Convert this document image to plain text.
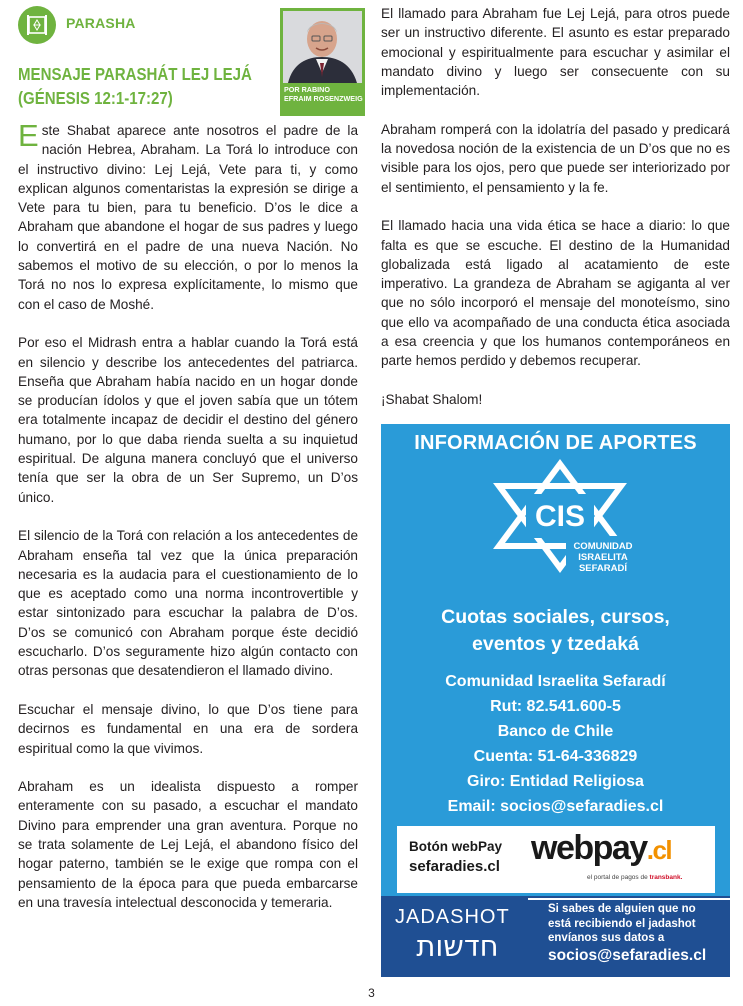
PARASHA
MENSAJE PARASHÁT LEJ LEJÁ
(GÉNESIS 12:1-17:27)	POR RABINO
EFRAIM ROSENZWEIG

Este Shabat aparece ante nosotros el padre de la nación Hebrea, Abraham. La Torá lo introduce con el instructivo divino: Lej Lejá, Vete para ti, y como explican algunos comentaristas la expresión se dirige a Vete para tu bien, para tu beneficio. D’os le dice a Abraham que abandone el hogar de sus padres y luego lo convertirá en el padre de una nueva Nación. No sabemos el motivo de su elección, o por lo menos la Torá no nos lo expresa explícitamente, lo mismo que con el caso de Moshé.

Por eso el Midrash entra a hablar cuando la Torá está en silencio y describe los antecedentes del patriarca. Enseña que Abraham había nacido en un hogar donde se producían ídolos y que el joven sabía que un tótem era totalmente incapaz de decidir el destino del género humano, por lo que daba rienda suelta a su inquietud espiritual. De alguna manera concluyó que el universo tenía que ser la obra de un Ser Supremo, un D’os único.

El silencio de la Torá con relación a los antecedentes de Abraham enseña tal vez que la única preparación necesaria es la audacia para el cuestionamiento de lo que es aceptado como una norma incontrovertible y estar sintonizado para escuchar la palabra de D’os. D’os se comunicó con Abraham porque éste decidió escucharlo. D’os seguramente hizo algún contacto con otras personas que desatendieron el llamado divino.

Escuchar el mensaje divino, lo que D’os tiene para decirnos es fundamental en una era de sordera espiritual como la que vivimos.

Abraham es un idealista dispuesto a romper enteramente con su pasado, a escuchar el mandato Divino para emprender una gran aventura. Porque no se trata solamente de Lej Lejá, el abandono físico del hogar paterno, también se le exige que rompa con el pensamiento de la época para que pueda embarcarse en una travesía intelectual desconocida y temeraria.

El llamado para Abraham fue Lej Lejá, para otros puede ser un instructivo diferente. El asunto es estar preparado emocional y espiritualmente para escuchar y asimilar el mandato divino y luego ser consecuente con su implementación.

Abraham romperá con la idolatría del pasado y predicará la novedosa noción de la existencia de un D’os que no es visible para los ojos, pero que puede ser interiorizado por el sentimiento, el pensamiento y la fe.

El llamado hacia una vida ética se hace a diario: lo que falta es que se escuche. El destino de la Humanidad globalizada está ligado al acatamiento de este imperativo. La grandeza de Abraham se agiganta al ver que no sólo incorporó el mensaje del monoteísmo, sino que ello va acompañado de una conducta ética asociada a esa creencia y que los humanos contemporáneos en parte hemos perdido y debemos recuperar.

¡Shabat Shalom!

INFORMACIÓN DE APORTES
CIS
COMUNIDAD
ISRAELITA
SEFARADÍ
Cuotas sociales, cursos,
eventos y tzedaká
Comunidad Israelita Sefaradí
Rut: 82.541.600-5
Banco de Chile
Cuenta: 51-64-336829
Giro: Entidad Religiosa
Email: socios@sefaradies.cl
Botón webPay
sefaradies.cl webpay.cl
el portal de pagos de transbank.
JADASHOT
חדשות
Si sabes de alguien que no
está recibiendo el jadashot
envíanos sus datos a
socios@sefaradies.cl
3
